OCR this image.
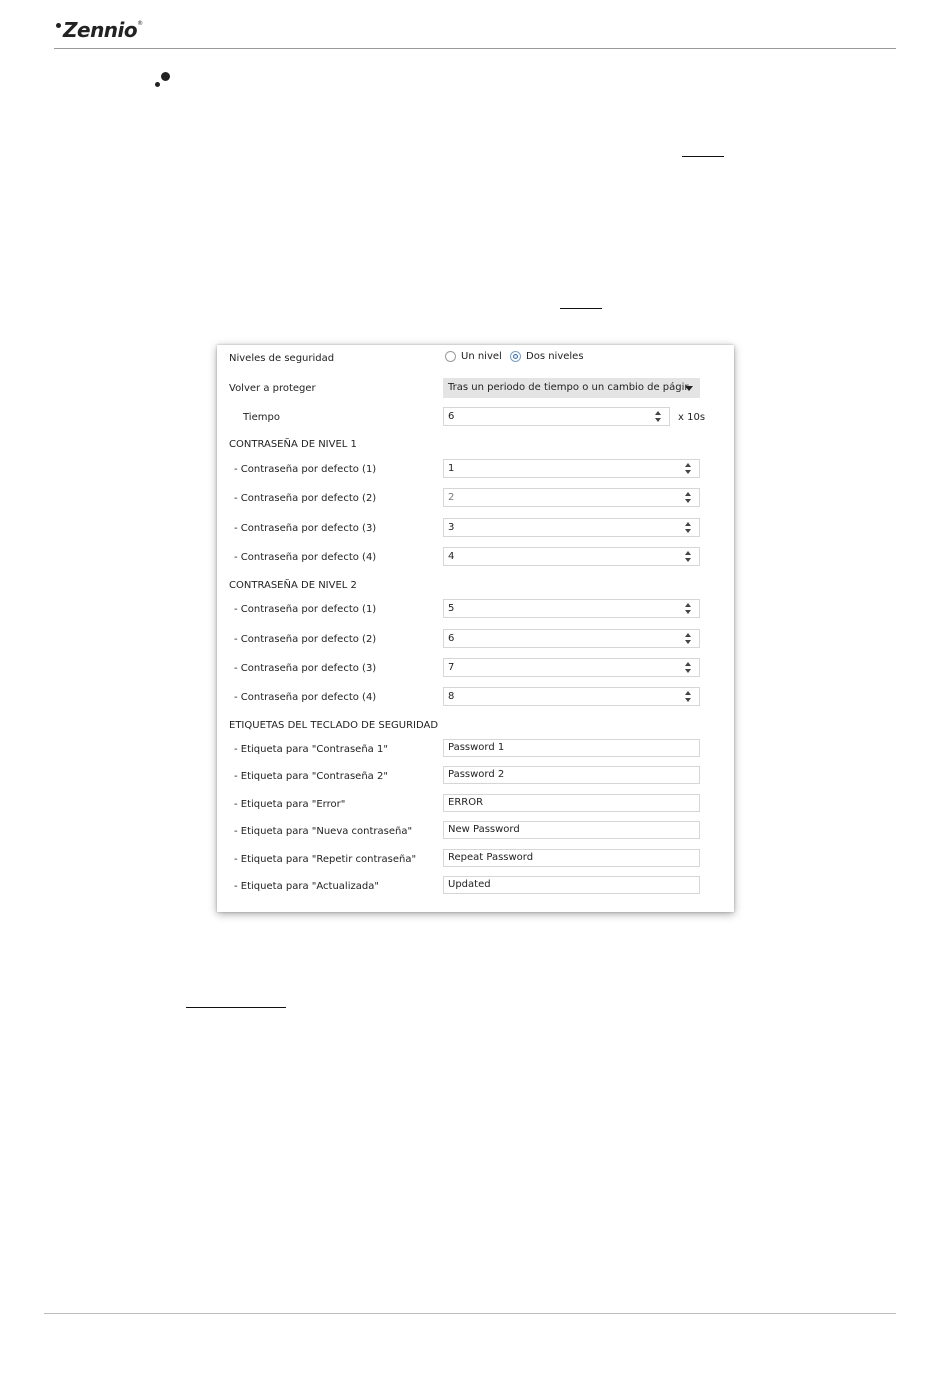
Zennio®
Niveles de seguridad	Un nivel Dos niveles
Volver a proteger	Tras un periodo de tiempo o un cambio de págir
Tiempo	6	x 10s
CONTRASEÑA DE NIVEL 1
- Contraseña por defecto (1)	1
- Contraseña por defecto (2)	2
- Contraseña por defecto (3)	3
- Contraseña por defecto (4)	4
CONTRASEÑA DE NIVEL 2
- Contraseña por defecto (1)	5
- Contraseña por defecto (2)	6
- Contraseña por defecto (3)	7
- Contraseña por defecto (4)	8
ETIQUETAS DEL TECLADO DE SEGURIDAD
- Etiqueta para "Contraseña 1"	Password 1
- Etiqueta para "Contraseña 2"	Password 2
- Etiqueta para "Error"	ERROR
- Etiqueta para "Nueva contraseña"	New Password
- Etiqueta para "Repetir contraseña"	Repeat Password
- Etiqueta para "Actualizada"	Updated
